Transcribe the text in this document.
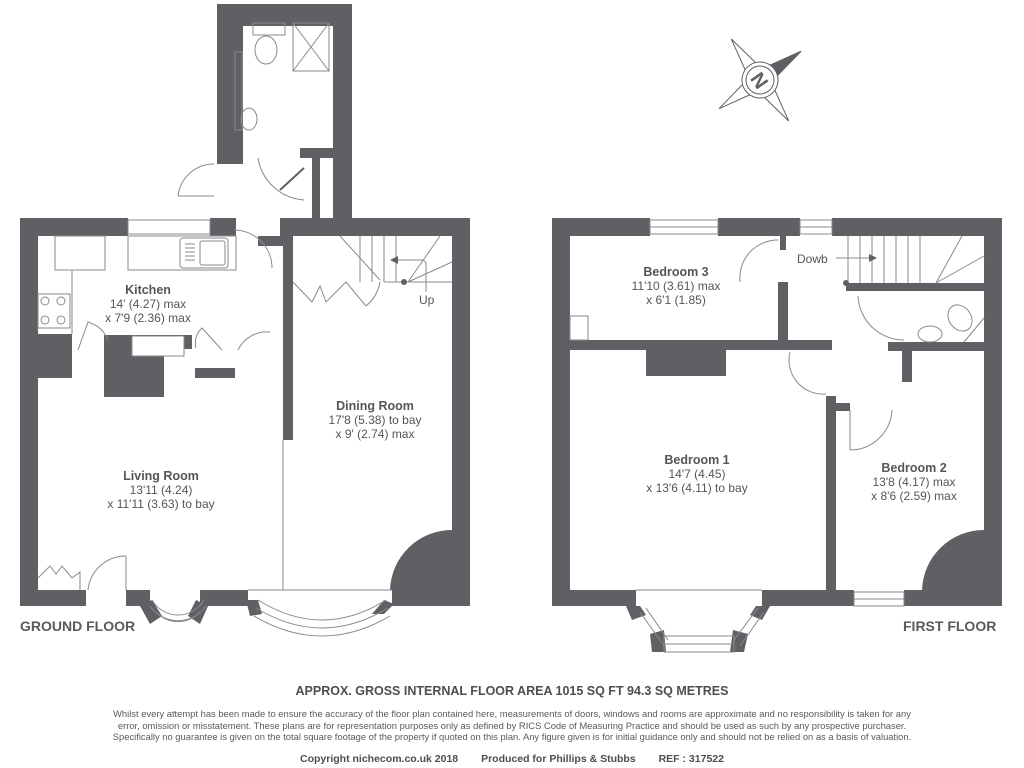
N
Kitchen
14' (4.27) max
x 7'9 (2.36) max
Dining Room
17'8 (5.38) to bay
x 9' (2.74) max
Living Room
13'11 (4.24)
x 11'11 (3.63) to bay
Up
Bedroom 3
11'10 (3.61) max
x 6'1 (1.85)
Bedroom 1
14'7 (4.45)
x 13'6 (4.11) to bay
Bedroom 2
13'8 (4.17) max
x 8'6 (2.59) max
Dowb
GROUND FLOOR	FIRST FLOOR
APPROX. GROSS INTERNAL FLOOR AREA 1015 SQ FT 94.3 SQ METRES
Whilst every attempt has been made to ensure the accuracy of the floor plan contained here, measurements of doors, windows and rooms are approximate and no responsibility is taken for any
error, omission or misstatement. These plans are for representation purposes only as defined by RICS Code of Measuring Practice and should be used as such by any prospective purchaser.
Specifically no guarantee is given on the total square footage of the property if quoted on this plan. Any figure given is for initial guidance only and should not be relied on as a basis of valuation.
Copyright nichecom.co.uk 2018 Produced for Phillips & Stubbs REF : 317522
